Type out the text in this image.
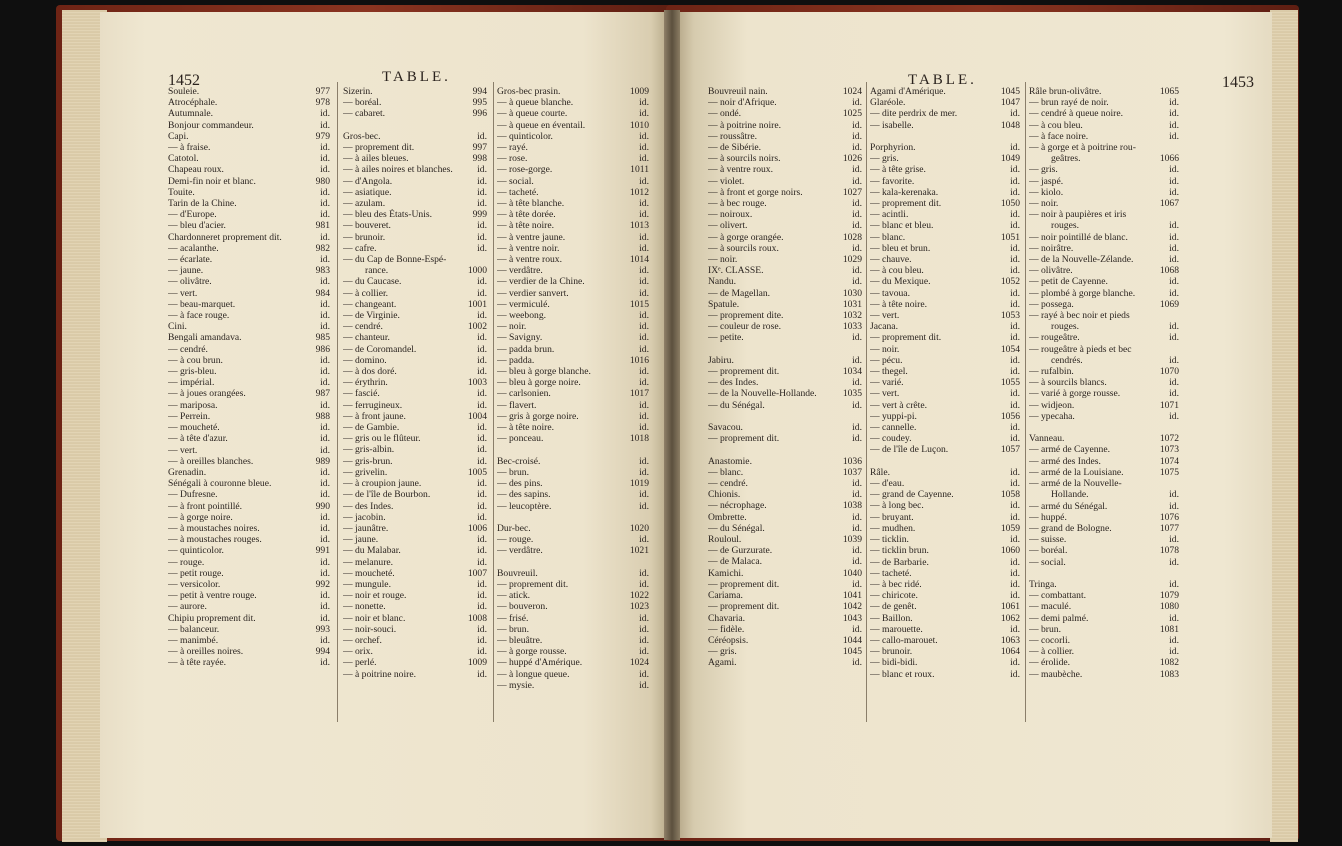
1452	TABLE.
Souleie.	977
Atrocéphale.	978
Autumnale.	id.
Bonjour commandeur.	id.
Capi.	979
— à fraise.	id.
Catotol.	id.
Chapeau roux.	id.
Demi-fin noir et blanc.	980
Touite.	id.
Tarin de la Chine.	id.
— d'Europe.	id.
— bleu d'acier.	981
Chardonneret proprement dit.	id.
— acalanthe.	982
— écarlate.	id.
— jaune.	983
— olivâtre.	id.
— vert.	984
— beau-marquet.	id.
— à face rouge.	id.
Cini.	id.
Bengali amandava.	985
— cendré.	986
— à cou brun.	id.
— gris-bleu.	id.
— impérial.	id.
— à joues orangées.	987
— mariposa.	id.
— Perrein.	988
— moucheté.	id.
— à tête d'azur.	id.
— vert.	id.
— à oreilles blanches.	989
Grenadin.	id.
Sénégali à couronne bleue.	id.
— Dufresne.	id.
— à front pointillé.	990
— à gorge noire.	id.
— à moustaches noires.	id.
— à moustaches rouges.	id.
— quinticolor.	991
— rouge.	id.
— petit rouge.	id.
— versicolor.	992
— petit à ventre rouge.	id.
— aurore.	id.
Chipiu proprement dit.	id.
— balanceur.	993
— manimbé.	id.
— à oreilles noires.	994
— à tête rayée.	id.
Sizerin.	994
— boréal.	995
— cabaret.	996
Gros-bec.	id.
— proprement dit.	997
— à ailes bleues.	998
— à ailes noires et blanches.	id.
— d'Angola.	id.
— asiatique.	id.
— azulam.	id.
— bleu des États-Unis.	999
— bouveret.	id.
— brunoir.	id.
— cafre.	id.
— du Cap de Bonne-Espé-
rance.	1000
— du Caucase.	id.
— à collier.	id.
— changeant.	1001
— de Virginie.	id.
— cendré.	1002
— chanteur.	id.
— de Coromandel.	id.
— domino.	id.
— à dos doré.	id.
— érythrin.	1003
— fascié.	id.
— ferrugineux.	id.
— à front jaune.	1004
— de Gambie.	id.
— gris ou le flûteur.	id.
— gris-albin.	id.
— gris-brun.	id.
— grivelin.	1005
— à croupion jaune.	id.
— de l'île de Bourbon.	id.
— des Indes.	id.
— jacobin.	id.
— jaunâtre.	1006
— jaune.	id.
— du Malabar.	id.
— melanure.	id.
— moucheté.	1007
— mungule.	id.
— noir et rouge.	id.
— nonette.	id.
— noir et blanc.	1008
— noir-souci.	id.
— orchef.	id.
— orix.	id.
— perlé.	1009
— à poitrine noire.	id.
Gros-bec prasin.	1009
— à queue blanche.	id.
— à queue courte.	id.
— à queue en éventail.	1010
— quinticolor.	id.
— rayé.	id.
— rose.	id.
— rose-gorge.	1011
— social.	id.
— tacheté.	1012
— à tête blanche.	id.
— à tête dorée.	id.
— à tête noire.	1013
— à ventre jaune.	id.
— à ventre noir.	id.
— à ventre roux.	1014
— verdâtre.	id.
— verdier de la Chine.	id.
— verdier sanvert.	id.
— vermiculé.	1015
— weebong.	id.
— noir.	id.
— Savigny.	id.
— padda brun.	id.
— padda.	1016
— bleu à gorge blanche.	id.
— bleu à gorge noire.	id.
— carlsonien.	1017
— flavert.	id.
— gris à gorge noire.	id.
— à tête noire.	id.
— ponceau.	1018
Bec-croisé.	id.
— brun.	id.
— des pins.	1019
— des sapins.	id.
— leucoptère.	id.
Dur-bec.	1020
— rouge.	id.
— verdâtre.	1021
Bouvreuil.	id.
— proprement dit.	id.
— atick.	1022
— bouveron.	1023
— frisé.	id.
— brun.	id.
— bleuâtre.	id.
— à gorge rousse.	id.
— huppé d'Amérique.	1024
— à longue queue.	id.
— mysie.	id.
TABLE.	1453
Bouvreuil nain.	1024
— noir d'Afrique.	id.
— ondé.	1025
— à poitrine noire.	id.
— roussâtre.	id.
— de Sibérie.	id.
— à sourcils noirs.	1026
— à ventre roux.	id.
— violet.	id.
— à front et gorge noirs.	1027
— à bec rouge.	id.
— noiroux.	id.
— olivert.	id.
— à gorge orangée.	1028
— à sourcils roux.	id.
— noir.	1029
IXᵉ. CLASSE.	id.
Nandu.	id.
— de Magellan.	1030
Spatule.	1031
— proprement dite.	1032
— couleur de rose.	1033
— petite.	id.
Jabiru.	id.
— proprement dit.	1034
— des Indes.	id.
— de la Nouvelle-Hollande.	1035
— du Sénégal.	id.
Savacou.	id.
— proprement dit.	id.
Anastomie.	1036
— blanc.	1037
— cendré.	id.
Chionis.	id.
— nécrophage.	1038
Ombrette.	id.
— du Sénégal.	id.
Rouloul.	1039
— de Gurzurate.	id.
— de Malaca.	id.
Kamichi.	1040
— proprement dit.	id.
Cariama.	1041
— proprement dit.	1042
Chavaria.	1043
— fidèle.	id.
Céréopsis.	1044
— gris.	1045
Agami.	id.
Agami d'Amérique.	1045
Glaréole.	1047
— dite perdrix de mer.	id.
— isabelle.	1048
Porphyrion.	id.
— gris.	1049
— à tête grise.	id.
— favorite.	id.
— kala-kerenaka.	id.
— proprement dit.	1050
— acintli.	id.
— blanc et bleu.	id.
— blanc.	1051
— bleu et brun.	id.
— chauve.	id.
— à cou bleu.	id.
— du Mexique.	1052
— tavoua.	id.
— à tête noire.	id.
— vert.	1053
Jacana.	id.
— proprement dit.	id.
— noir.	1054
— pécu.	id.
— thegel.	id.
— varié.	1055
— vert.	id.
— vert à crête.	id.
— yuppi-pi.	1056
— cannelle.	id.
— coudey.	id.
— de l'île de Luçon.	1057
Râle.	id.
— d'eau.	id.
— grand de Cayenne.	1058
— à long bec.	id.
— bruyant.	id.
— mudhen.	1059
— ticklin.	id.
— ticklin brun.	1060
— de Barbarie.	id.
— tacheté.	id.
— à bec ridé.	id.
— chiricote.	id.
— de genêt.	1061
— Baillon.	1062
— marouette.	id.
— callo-marouet.	1063
— brunoir.	1064
— bidi-bidi.	id.
— blanc et roux.	id.
Râle brun-olivâtre.	1065
— brun rayé de noir.	id.
— cendré à queue noire.	id.
— à cou bleu.	id.
— à face noire.	id.
— à gorge et à poitrine rou-
geâtres.	1066
— gris.	id.
— jaspé.	id.
— kiolo.	id.
— noir.	1067
— noir à paupières et iris
rouges.	id.
— noir pointillé de blanc.	id.
— noirâtre.	id.
— de la Nouvelle-Zélande.	id.
— olivâtre.	1068
— petit de Cayenne.	id.
— plombé à gorge blanche.	id.
— possega.	1069
— rayé à bec noir et pieds
rouges.	id.
— rougeâtre.	id.
— rougeâtre à pieds et bec
cendrés.	id.
— rufalbin.	1070
— à sourcils blancs.	id.
— varié à gorge rousse.	id.
— widjeon.	1071
— ypecaha.	id.
Vanneau.	1072
— armé de Cayenne.	1073
— armé des Indes.	1074
— armé de la Louisiane.	1075
— armé de la Nouvelle-
Hollande.	id.
— armé du Sénégal.	id.
— huppé.	1076
— grand de Bologne.	1077
— suisse.	id.
— boréal.	1078
— social.	id.
Tringa.	id.
— combattant.	1079
— maculé.	1080
— demi palmé.	id.
— brun.	1081
— cocorli.	id.
— à collier.	id.
— érolide.	1082
— maubèche.	1083
